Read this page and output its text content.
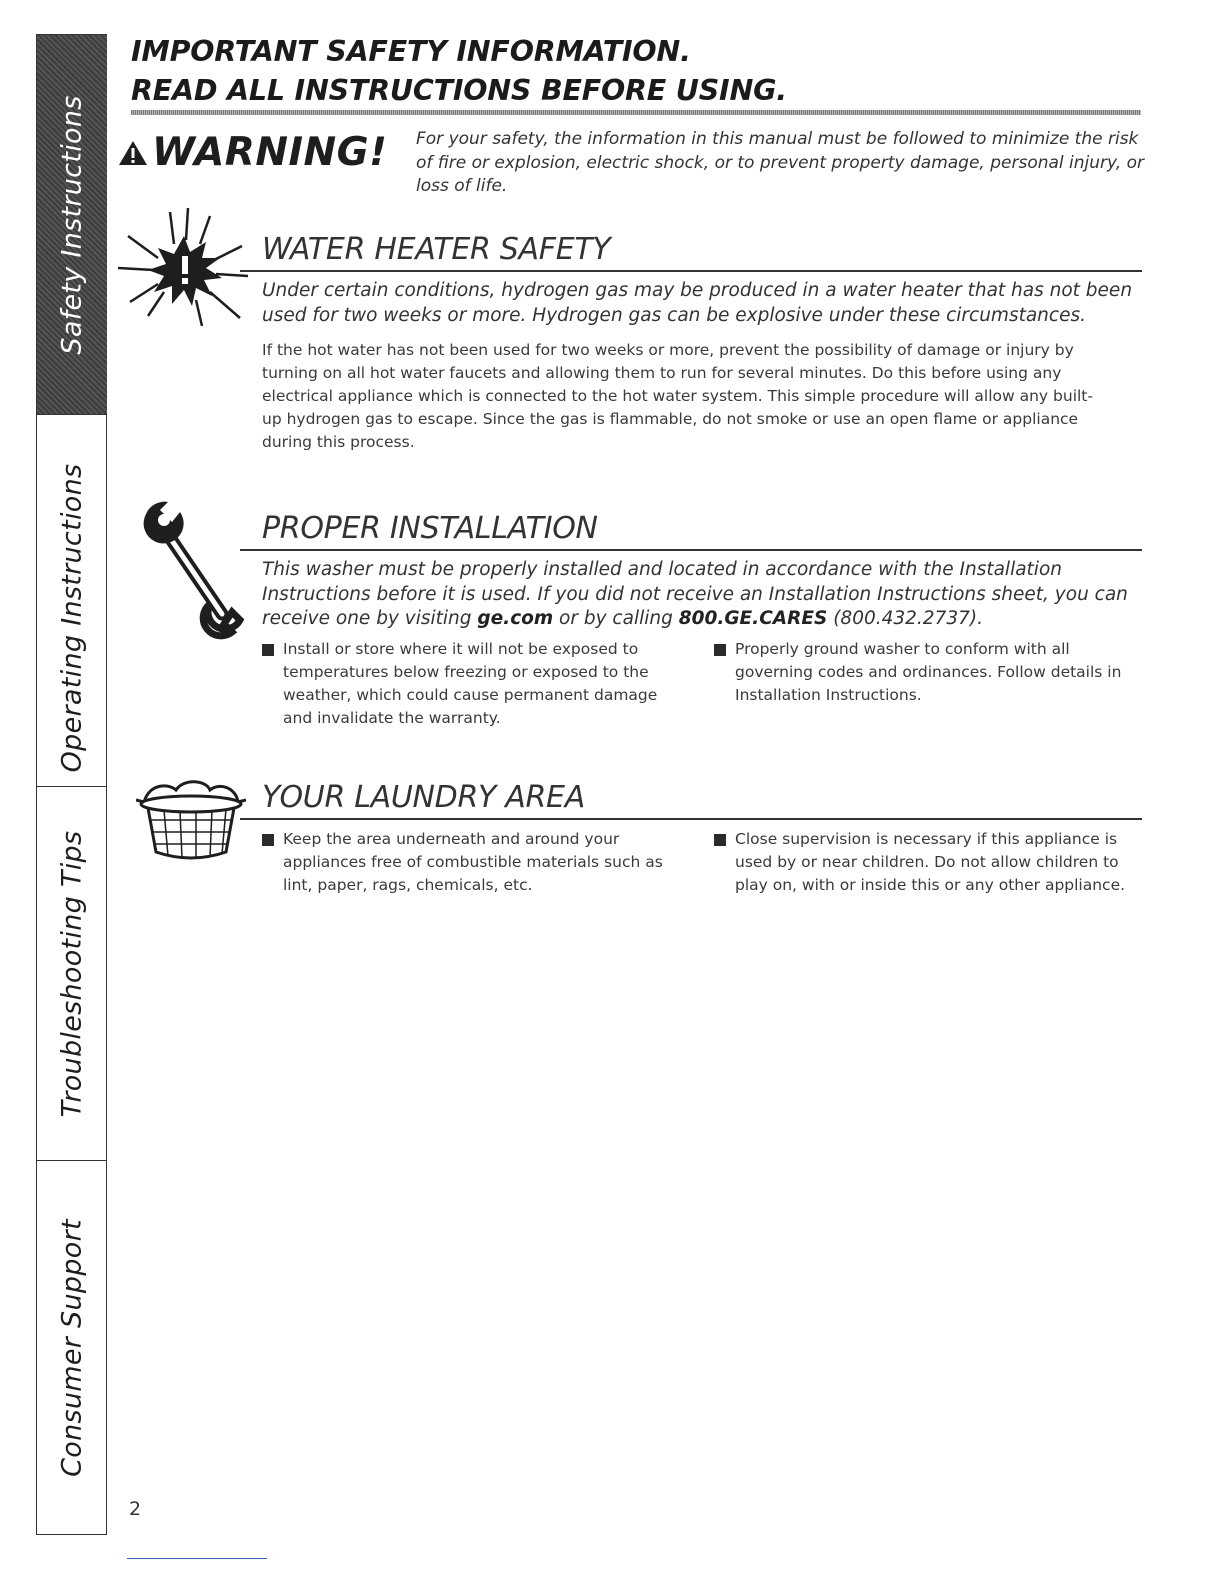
Safety Instructions
Operating Instructions
Troubleshooting Tips
Consumer Support
IMPORTANT SAFETY INFORMATION.
READ ALL INSTRUCTIONS BEFORE USING.
WARNING! For your safety, the information in this manual must be followed to minimize the risk of fire or explosion, electric shock, or to prevent property damage, personal injury, or loss of life.
WATER HEATER SAFETY
Under certain conditions, hydrogen gas may be produced in a water heater that has not been used for two weeks or more. Hydrogen gas can be explosive under these circumstances.
If the hot water has not been used for two weeks or more, prevent the possibility of damage or injury by turning on all hot water faucets and allowing them to run for several minutes. Do this before using any electrical appliance which is connected to the hot water system. This simple procedure will allow any built-up hydrogen gas to escape. Since the gas is flammable, do not smoke or use an open flame or appliance during this process.
PROPER INSTALLATION
This washer must be properly installed and located in accordance with the Installation Instructions before it is used. If you did not receive an Installation Instructions sheet, you can receive one by visiting ge.com or by calling 800.GE.CARES (800.432.2737).
Install or store where it will not be exposed to temperatures below freezing or exposed to the weather, which could cause permanent damage and invalidate the warranty.
Properly ground washer to conform with all governing codes and ordinances. Follow details in Installation Instructions.
YOUR LAUNDRY AREA
Keep the area underneath and around your appliances free of combustible materials such as lint, paper, rags, chemicals, etc.
Close supervision is necessary if this appliance is used by or near children. Do not allow children to play on, with or inside this or any other appliance.
2
